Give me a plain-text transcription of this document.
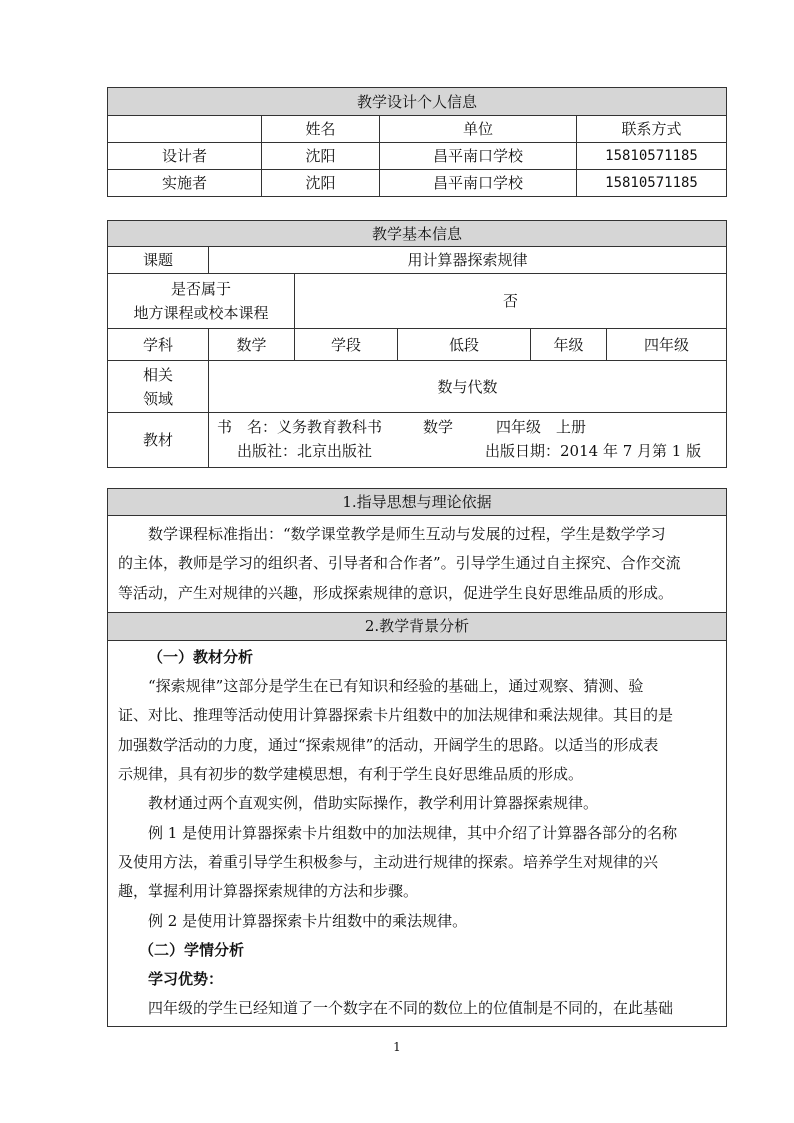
教学设计个人信息			
	姓名	单位	联系方式
设计者	沈阳	昌平南口学校	15810571185
实施者	沈阳	昌平南口学校	15810571185
教学基本信息					
课题	用计算器探索规律				

是否属于
地方课程或校本课程		否			
学科	数学	学段	低段	年级	四年级

相关
领域	数与代数				
教材	书　名：义务教育教科书 数学 四年级　上册
出版社：北京出版社 出版日期：2014 年 7 月第 1 版				
1.指导思想与理论依据

数学课程标准指出：“数学课堂教学是师生互动与发展的过程，学生是数学学习
的主体，教师是学习的组织者、引导者和合作者”。引导学生通过自主探究、合作交流
等活动，产生对规律的兴趣，形成探索规律的意识，促进学生良好思维品质的形成。

2.教学背景分析

（一）教材分析
“探索规律”这部分是学生在已有知识和经验的基础上，通过观察、猜测、验
证、对比、推理等活动使用计算器探索卡片组数中的加法规律和乘法规律。其目的是
加强数学活动的力度，通过“探索规律”的活动，开阔学生的思路。以适当的形成表
示规律，具有初步的数学建模思想，有利于学生良好思维品质的形成。
教材通过两个直观实例，借助实际操作，教学利用计算器探索规律。
例 1 是使用计算器探索卡片组数中的加法规律，其中介绍了计算器各部分的名称
及使用方法，着重引导学生积极参与，主动进行规律的探索。培养学生对规律的兴
趣，掌握利用计算器探索规律的方法和步骤。
例 2 是使用计算器探索卡片组数中的乘法规律。
（二）学情分析
学习优势：
四年级的学生已经知道了一个数字在不同的数位上的位值制是不同的，在此基础
1
